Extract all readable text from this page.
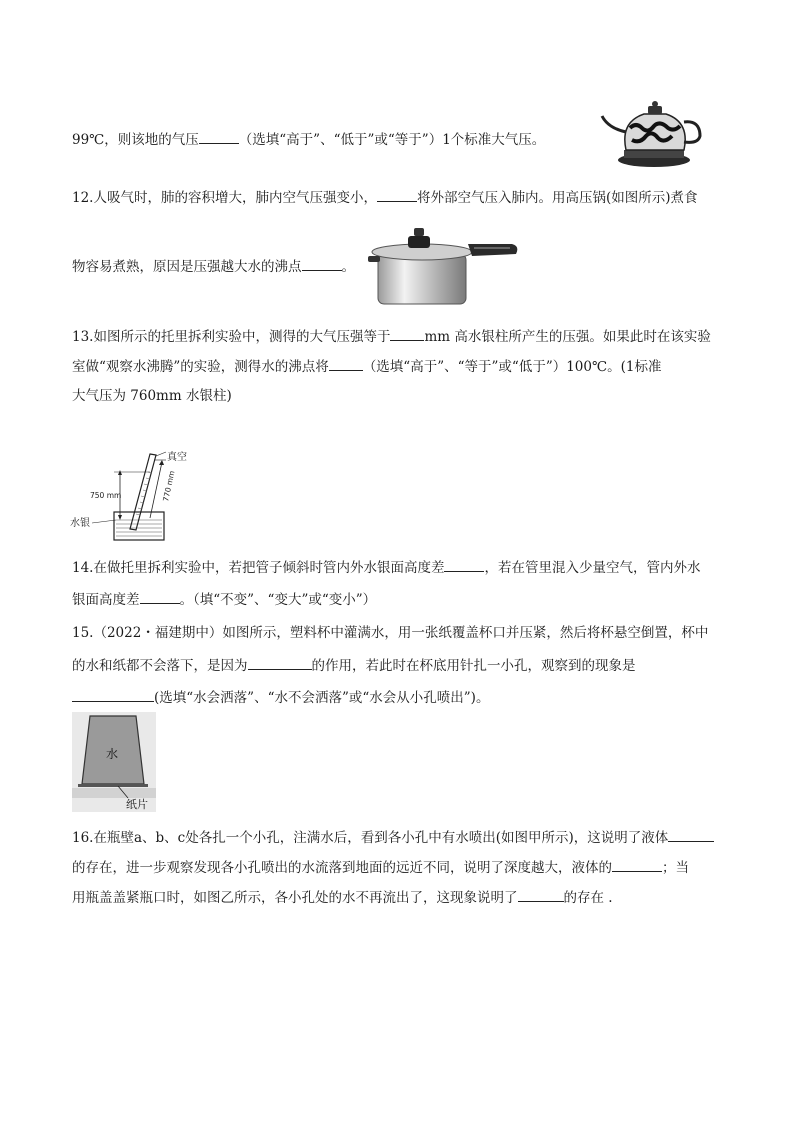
99℃，则该地的气压	（选填“高于”、“低于”或“等于”）1个标准大气压。
12.人吸气时，肺的容积增大，肺内空气压强变小，	将外部空气压入肺内。用高压锅(如图所示)煮食
物容易煮熟，原因是压强越大水的沸点	。
13.如图所示的托里拆利实验中，测得的大气压强等于	mm 高水银柱所产生的压强。如果此时在该实验
室做“观察水沸腾”的实验，测得水的沸点将	（选填“高于”、“等于”或“低于”）100℃。(1标准
大气压为 760mm 水银柱)
真空
750 mm	770 mm
水银
14.在做托里拆利实验中，若把管子倾斜时管内外水银面高度差	，若在管里混入少量空气，管内外水
银面高度差	。（填“不变”、“变大”或“变小”）
15.（2022・福建期中）如图所示，塑料杯中灌满水，用一张纸覆盖杯口并压紧，然后将杯悬空倒置，杯中
的水和纸都不会落下，是因为	的作用，若此时在杯底用针扎一小孔，观察到的现象是
(选填“水会洒落”、“水不会洒落”或“水会从小孔喷出”)。
水
纸片
16.在瓶壁a、b、c处各扎一个小孔，注满水后，看到各小孔中有水喷出(如图甲所示)，这说明了液体
的存在，进一步观察发现各小孔喷出的水流落到地面的远近不同，说明了深度越大，液体的	；当
用瓶盖盖紧瓶口时，如图乙所示，各小孔处的水不再流出了，这现象说明了	的存在 .
